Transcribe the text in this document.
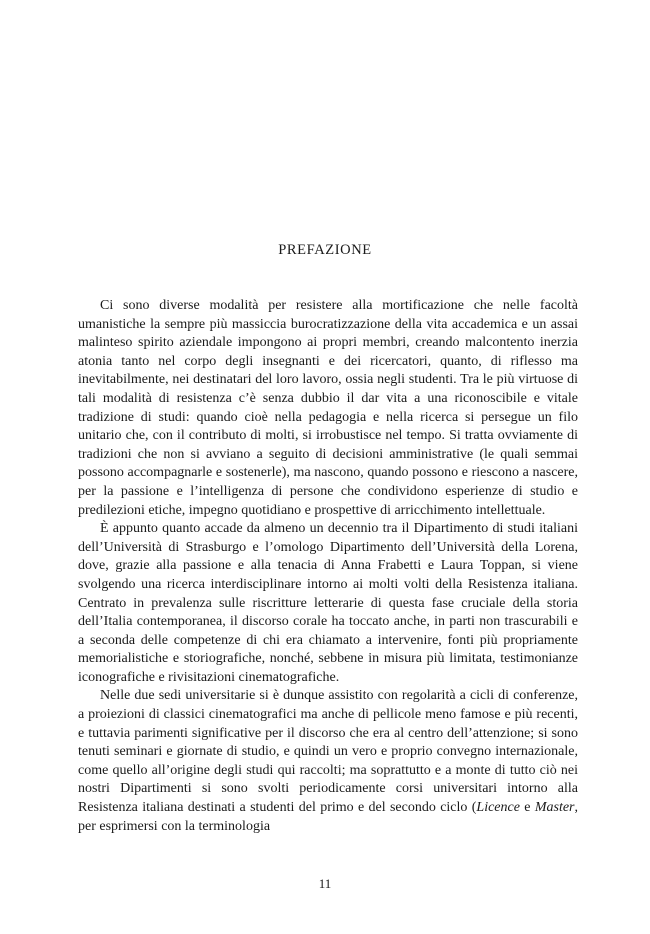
PREFAZIONE

Ci sono diverse modalità per resistere alla mortificazione che nelle facoltà umanistiche la sempre più massiccia burocratizzazione della vita accademica e un assai malinteso spirito aziendale impongono ai propri membri, creando malcontento inerzia atonia tanto nel corpo degli insegnanti e dei ricercatori, quanto, di riflesso ma inevitabilmente, nei destinatari del loro lavoro, ossia negli studenti. Tra le più virtuose di tali modalità di resistenza c’è senza dubbio il dar vita a una riconoscibile e vitale tradizione di studi: quando cioè nella pedagogia e nella ricerca si persegue un filo unitario che, con il contributo di molti, si irrobustisce nel tempo. Si tratta ovviamente di tradizioni che non si avviano a seguito di decisioni amministrative (le quali semmai possono accompagnarle e sostenerle), ma nascono, quando possono e riescono a nascere, per la passione e l’intelligenza di persone che condividono esperienze di studio e predilezioni etiche, impegno quotidiano e prospettive di arricchimento intellettuale.

È appunto quanto accade da almeno un decennio tra il Dipartimento di studi italiani dell’Università di Strasburgo e l’omologo Dipartimento dell’Università della Lorena, dove, grazie alla passione e alla tenacia di Anna Frabetti e Laura Toppan, si viene svolgendo una ricerca interdisciplinare intorno ai molti volti della Resistenza italiana. Centrato in prevalenza sulle riscritture letterarie di questa fase cruciale della storia dell’Italia contemporanea, il discorso corale ha toccato anche, in parti non trascurabili e a seconda delle competenze di chi era chiamato a intervenire, fonti più propriamente memorialistiche e storiografiche, nonché, sebbene in misura più limitata, testimonianze iconografiche e rivisitazioni cinematografiche.

Nelle due sedi universitarie si è dunque assistito con regolarità a cicli di conferenze, a proiezioni di classici cinematografici ma anche di pellicole meno famose e più recenti, e tuttavia parimenti significative per il discorso che era al centro dell’attenzione; si sono tenuti seminari e giornate di studio, e quindi un vero e proprio convegno internazionale, come quello all’origine degli studi qui raccolti; ma soprattutto e a monte di tutto ciò nei nostri Dipartimenti si sono svolti periodicamente corsi universitari intorno alla Resistenza italiana destinati a studenti del primo e del secondo ciclo (Licence e Master, per esprimersi con la terminologia

11
